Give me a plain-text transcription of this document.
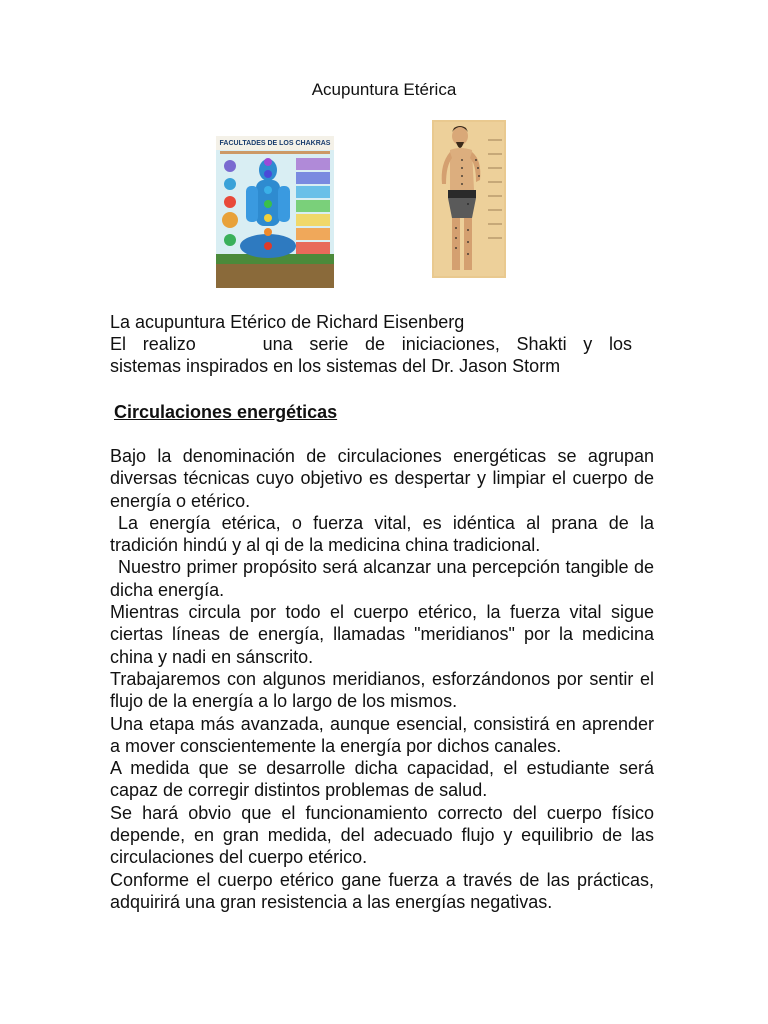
Acupuntura Etérica
FACULTADES DE LOS CHAKRAS

La acupuntura Etérico de Richard Eisenberg

El realizo    una serie de iniciaciones, Shakti y los

sistemas inspirados en los sistemas del Dr. Jason Storm

Circulaciones energéticas

Bajo la denominación de circulaciones energéticas se agrupan diversas técnicas cuyo objetivo es despertar y limpiar el cuerpo de energía o etérico.

La energía etérica, o fuerza vital, es idéntica al prana de la tradición hindú y al qi de la medicina china tradicional.

Nuestro primer propósito será alcanzar una percepción tangible de dicha energía.

Mientras circula por todo el cuerpo etérico, la fuerza vital sigue ciertas líneas de energía, llamadas "meridianos" por la medicina china y nadi en sánscrito.

Trabajaremos con algunos meridianos, esforzándonos por sentir el flujo de la energía a lo largo de los mismos.

Una etapa más avanzada, aunque esencial, consistirá en aprender a mover conscientemente la energía por dichos canales.

A medida que se desarrolle dicha capacidad, el estudiante será capaz de corregir distintos problemas de salud.

Se hará obvio que el funcionamiento correcto del cuerpo físico depende, en gran medida, del adecuado flujo y equilibrio de las circulaciones del cuerpo etérico.

Conforme el cuerpo etérico gane fuerza a través de las prácticas, adquirirá una gran resistencia a las energías negativas.
